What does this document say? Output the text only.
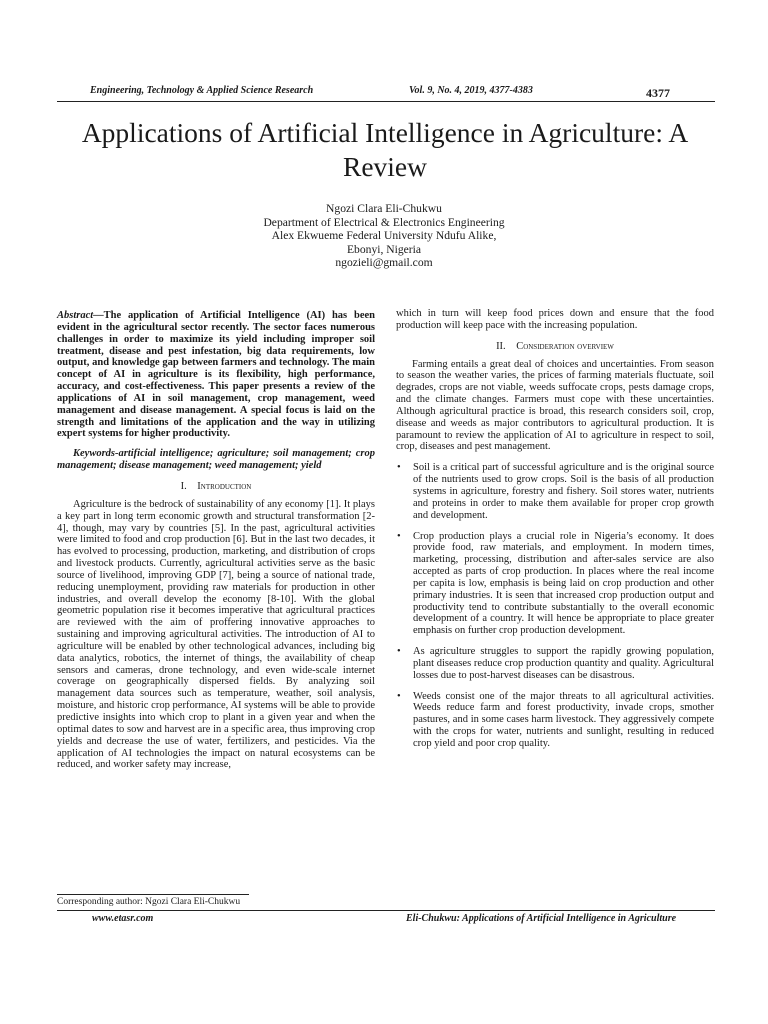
Engineering, Technology & Applied Science Research	Vol. 9, No. 4, 2019, 4377-4383	4377
Applications of Artificial Intelligence in Agriculture: A Review
Ngozi Clara Eli-Chukwu
Department of Electrical & Electronics Engineering
Alex Ekwueme Federal University Ndufu Alike,
Ebonyi, Nigeria
ngozieli@gmail.com

Abstract—The application of Artificial Intelligence (AI) has been evident in the agricultural sector recently. The sector faces numerous challenges in order to maximize its yield including improper soil treatment, disease and pest infestation, big data requirements, low output, and knowledge gap between farmers and technology. The main concept of AI in agriculture is its flexibility, high performance, accuracy, and cost-effectiveness. This paper presents a review of the applications of AI in soil management, crop management, weed management and disease management. A special focus is laid on the strength and limitations of the application and the way in utilizing expert systems for higher productivity.

Keywords-artificial intelligence; agriculture; soil management; crop management; disease management; weed management; yield

I. Introduction

Agriculture is the bedrock of sustainability of any economy [1]. It plays a key part in long term economic growth and structural transformation [2-4], though, may vary by countries [5]. In the past, agricultural activities were limited to food and crop production [6]. But in the last two decades, it has evolved to processing, production, marketing, and distribution of crops and livestock products. Currently, agricultural activities serve as the basic source of livelihood, improving GDP [7], being a source of national trade, reducing unemployment, providing raw materials for production in other industries, and overall develop the economy [8-10]. With the global geometric population rise it becomes imperative that agricultural practices are reviewed with the aim of proffering innovative approaches to sustaining and improving agricultural activities. The introduction of AI to agriculture will be enabled by other technological advances, including big data analytics, robotics, the internet of things, the availability of cheap sensors and cameras, drone technology, and even wide-scale internet coverage on geographically dispersed fields. By analyzing soil management data sources such as temperature, weather, soil analysis, moisture, and historic crop performance, AI systems will be able to provide predictive insights into which crop to plant in a given year and when the optimal dates to sow and harvest are in a specific area, thus improving crop yields and decrease the use of water, fertilizers, and pesticides. Via the application of AI technologies the impact on natural ecosystems can be reduced, and worker safety may increase,

which in turn will keep food prices down and ensure that the food production will keep pace with the increasing population.

II. Consideration overview

Farming entails a great deal of choices and uncertainties. From season to season the weather varies, the prices of farming materials fluctuate, soil degrades, crops are not viable, weeds suffocate crops, pests damage crops, and the climate changes. Farmers must cope with these uncertainties. Although agricultural practice is broad, this research considers soil, crop, disease and weeds as major contributors to agricultural production. It is paramount to review the application of AI to agriculture in respect to soil, crop, diseases and pest management.

• Soil is a critical part of successful agriculture and is the original source of the nutrients used to grow crops. Soil is the basis of all production systems in agriculture, forestry and fishery. Soil stores water, nutrients and proteins in order to make them available for proper crop growth and development.
• Crop production plays a crucial role in Nigeria’s economy. It does provide food, raw materials, and employment. In modern times, marketing, processing, distribution and after-sales service are also accepted as parts of crop production. In places where the real income per capita is low, emphasis is being laid on crop production and other primary industries. It is seen that increased crop production output and productivity tend to contribute substantially to the overall economic development of a country. It will hence be appropriate to place greater emphasis on further crop production development.
• As agriculture struggles to support the rapidly growing population, plant diseases reduce crop production quantity and quality. Agricultural losses due to post-harvest diseases can be disastrous.
• Weeds consist one of the major threats to all agricultural activities. Weeds reduce farm and forest productivity, invade crops, smother pastures, and in some cases harm livestock. They aggressively compete with the crops for water, nutrients and sunlight, resulting in reduced crop yield and poor crop quality.
Corresponding author: Ngozi Clara Eli-Chukwu
www.etasr.com	Eli-Chukwu: Applications of Artificial Intelligence in Agriculture
